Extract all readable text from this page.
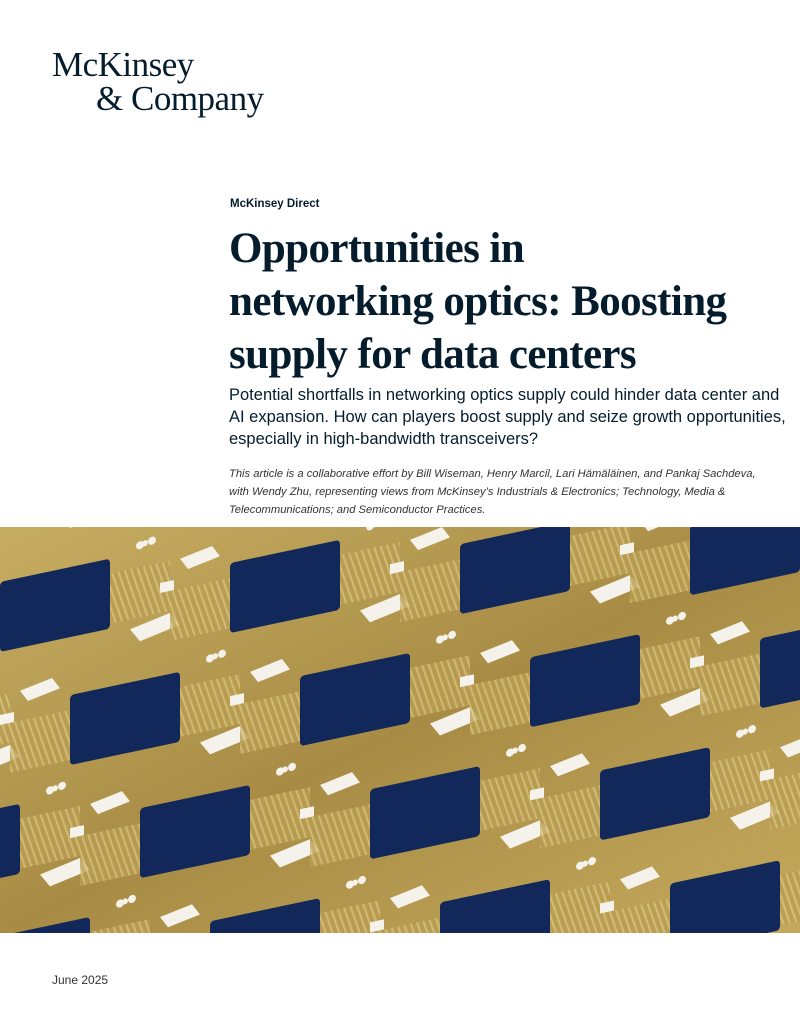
McKinsey
& Company
McKinsey Direct
Opportunities in
networking optics: Boosting
supply for data centers

Potential shortfalls in networking optics supply could hinder data center and
AI expansion. How can players boost supply and seize growth opportunities,
especially in high-bandwidth transceivers?

This article is a collaborative effort by Bill Wiseman, Henry Marcil, Lari Hämäläinen, and Pankaj Sachdeva,
with Wendy Zhu, representing views from McKinsey’s Industrials & Electronics; Technology, Media &
Telecommunications; and Semiconductor Practices.

June 2025
